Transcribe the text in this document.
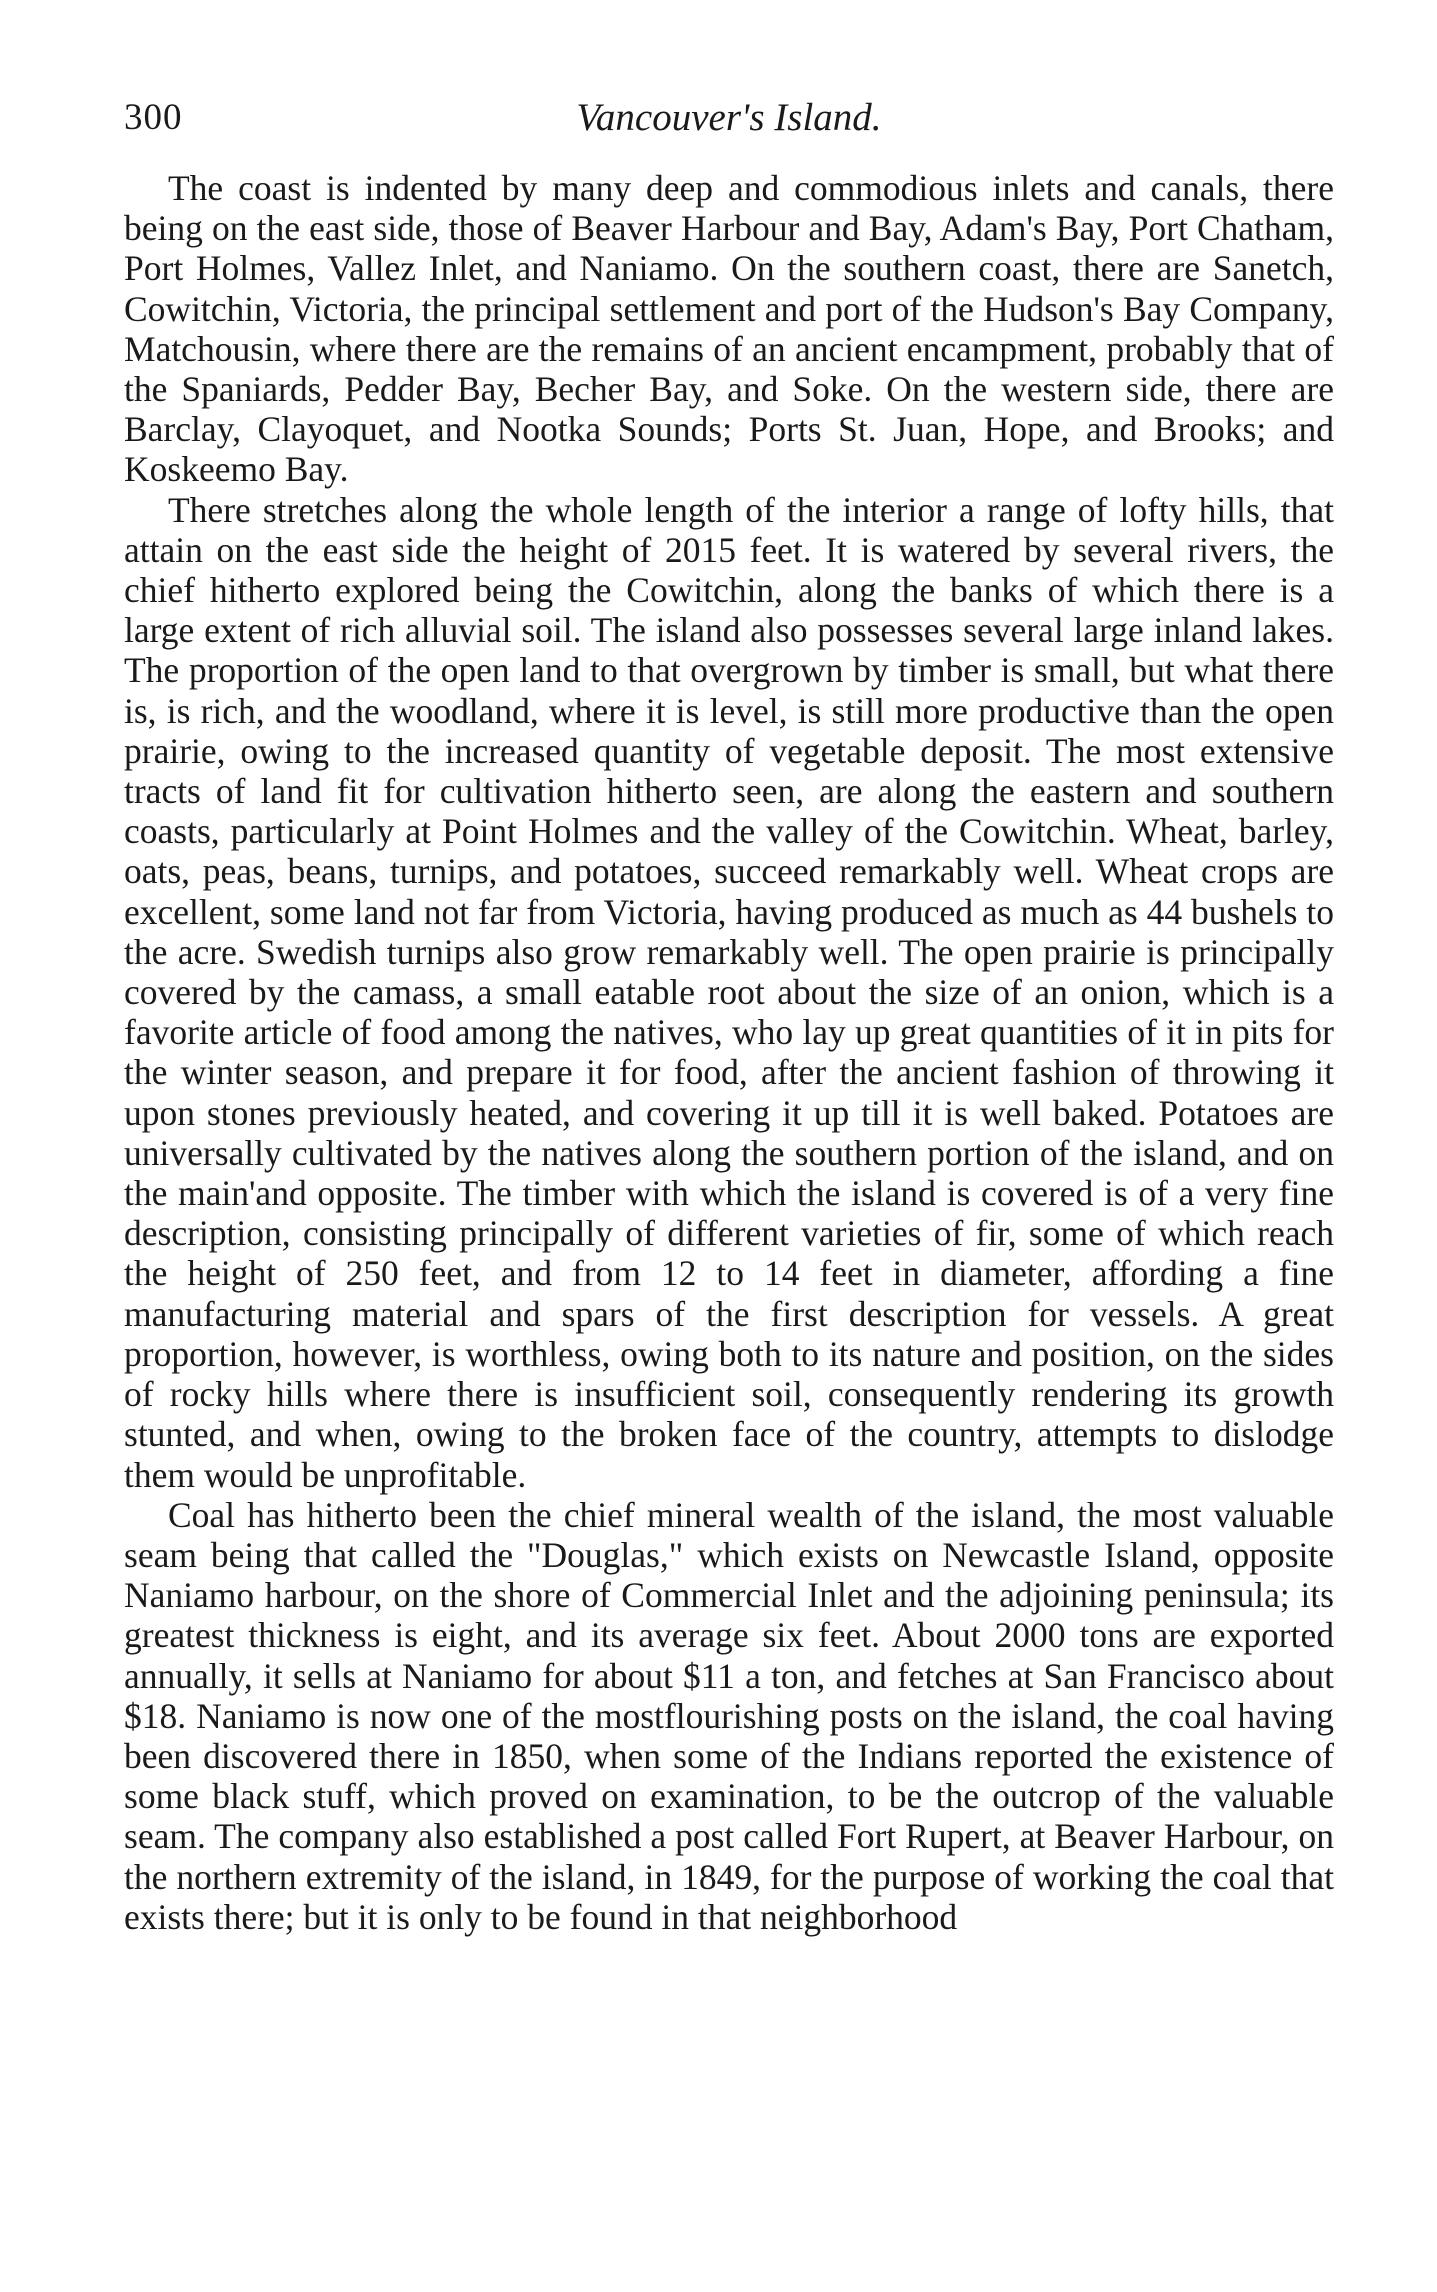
300	Vancouver's Island.

The coast is indented by many deep and commodious inlets and canals, there being on the east side, those of Beaver Harbour and Bay, Adam's Bay, Port Chatham, Port Holmes, Vallez Inlet, and Naniamo. On the southern coast, there are Sanetch, Cowitchin, Victoria, the principal settlement and port of the Hudson's Bay Company, Matchousin, where there are the remains of an ancient encampment, probably that of the Spaniards, Pedder Bay, Becher Bay, and Soke. On the western side, there are Barclay, Clayoquet, and Nootka Sounds; Ports St. Juan, Hope, and Brooks; and Koskeemo Bay.

There stretches along the whole length of the interior a range of lofty hills, that attain on the east side the height of 2015 feet. It is watered by several rivers, the chief hitherto explored being the Cowitchin, along the banks of which there is a large extent of rich alluvial soil. The island also possesses several large inland lakes. The proportion of the open land to that overgrown by timber is small, but what there is, is rich, and the woodland, where it is level, is still more productive than the open prairie, owing to the increased quantity of vegetable deposit. The most extensive tracts of land fit for cultivation hitherto seen, are along the eastern and southern coasts, particularly at Point Holmes and the valley of the Cowitchin. Wheat, barley, oats, peas, beans, turnips, and potatoes, succeed remarkably well. Wheat crops are excellent, some land not far from Victoria, having produced as much as 44 bushels to the acre. Swedish turnips also grow remarkably well. The open prairie is principally covered by the camass, a small eatable root about the size of an onion, which is a favorite article of food among the natives, who lay up great quantities of it in pits for the winter season, and prepare it for food, after the ancient fashion of throwing it upon stones previously heated, and covering it up till it is well baked. Potatoes are universally cultivated by the natives along the southern portion of the island, and on the main'and opposite. The timber with which the island is covered is of a very fine description, consisting principally of different varieties of fir, some of which reach the height of 250 feet, and from 12 to 14 feet in diameter, affording a fine manufacturing material and spars of the first description for vessels. A great proportion, however, is worthless, owing both to its nature and position, on the sides of rocky hills where there is insufficient soil, consequently rendering its growth stunted, and when, owing to the broken face of the country, attempts to dislodge them would be unprofitable.

Coal has hitherto been the chief mineral wealth of the island, the most valuable seam being that called the "Douglas," which exists on Newcastle Island, opposite Naniamo harbour, on the shore of Commercial Inlet and the adjoining peninsula; its greatest thickness is eight, and its average six feet. About 2000 tons are exported annually, it sells at Naniamo for about $11 a ton, and fetches at San Francisco about $18. Naniamo is now one of the mostflourishing posts on the island, the coal having been discovered there in 1850, when some of the Indians reported the existence of some black stuff, which proved on examination, to be the outcrop of the valuable seam. The company also established a post called Fort Rupert, at Beaver Harbour, on the northern extremity of the island, in 1849, for the purpose of working the coal that exists there; but it is only to be found in that neighborhood
